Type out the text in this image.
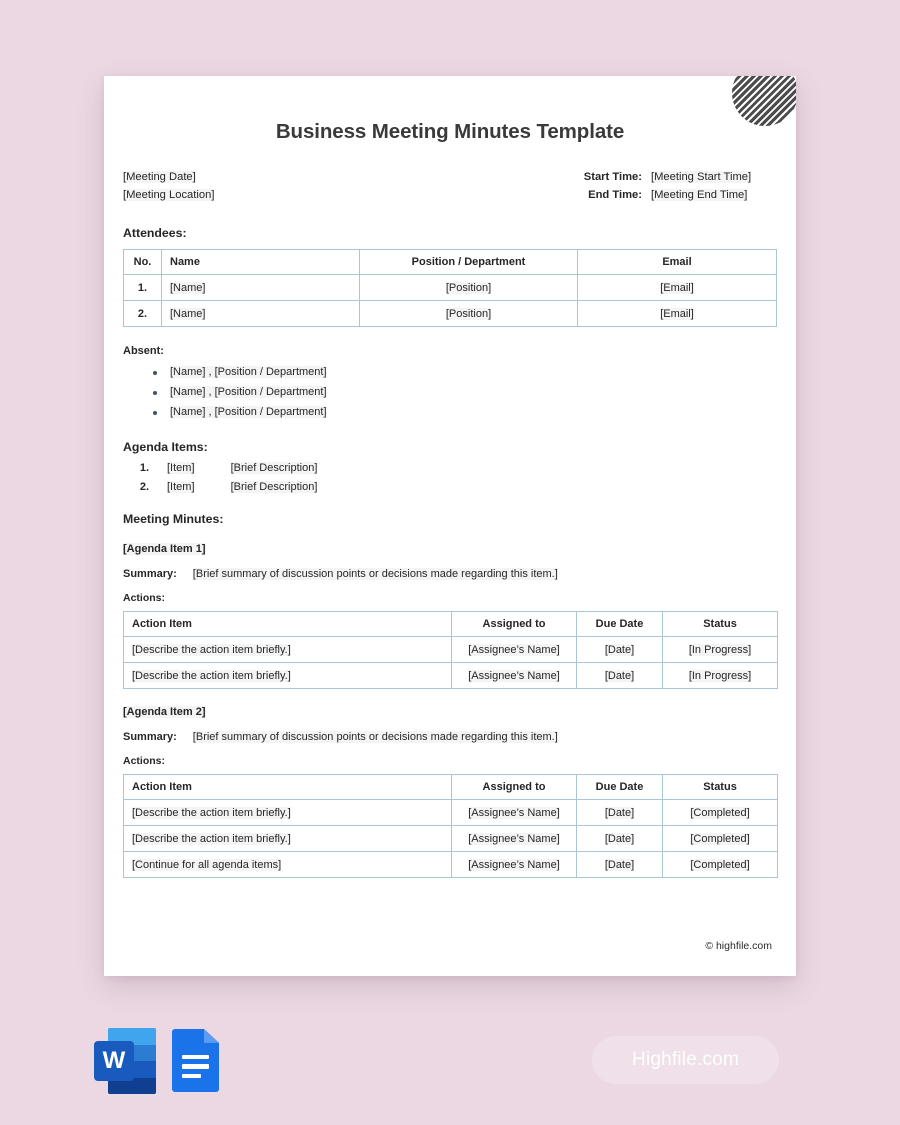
Business Meeting Minutes Template
[Meeting Date]
[Meeting Location]
Start Time: [Meeting Start Time]
End Time: [Meeting End Time]
Attendees:
No.	Name	Position / Department	Email
1.	[Name]	[Position]	[Email]
2.	[Name]	[Position]	[Email]
Absent:
[Name] , [Position / Department]
[Name] , [Position / Department]
[Name] , [Position / Department]
Agenda Items:
[Item]	[Brief Description]
[Item]	[Brief Description]
Meeting Minutes:
[Agenda Item 1]
Summary: [Brief summary of discussion points or decisions made regarding this item.]
Actions:
Action Item	Assigned to	Due Date	Status
[Describe the action item briefly.]	[Assignee’s Name]	[Date]	[In Progress]
[Describe the action item briefly.]	[Assignee’s Name]	[Date]	[In Progress]
[Agenda Item 2]
Summary: [Brief summary of discussion points or decisions made regarding this item.]
Actions:
Action Item	Assigned to	Due Date	Status
[Describe the action item briefly.]	[Assignee’s Name]	[Date]	[Completed]
[Describe the action item briefly.]	[Assignee’s Name]	[Date]	[Completed]
[Continue for all agenda items]	[Assignee’s Name]	[Date]	[Completed]
© highfile.com
W	Highfile.com
